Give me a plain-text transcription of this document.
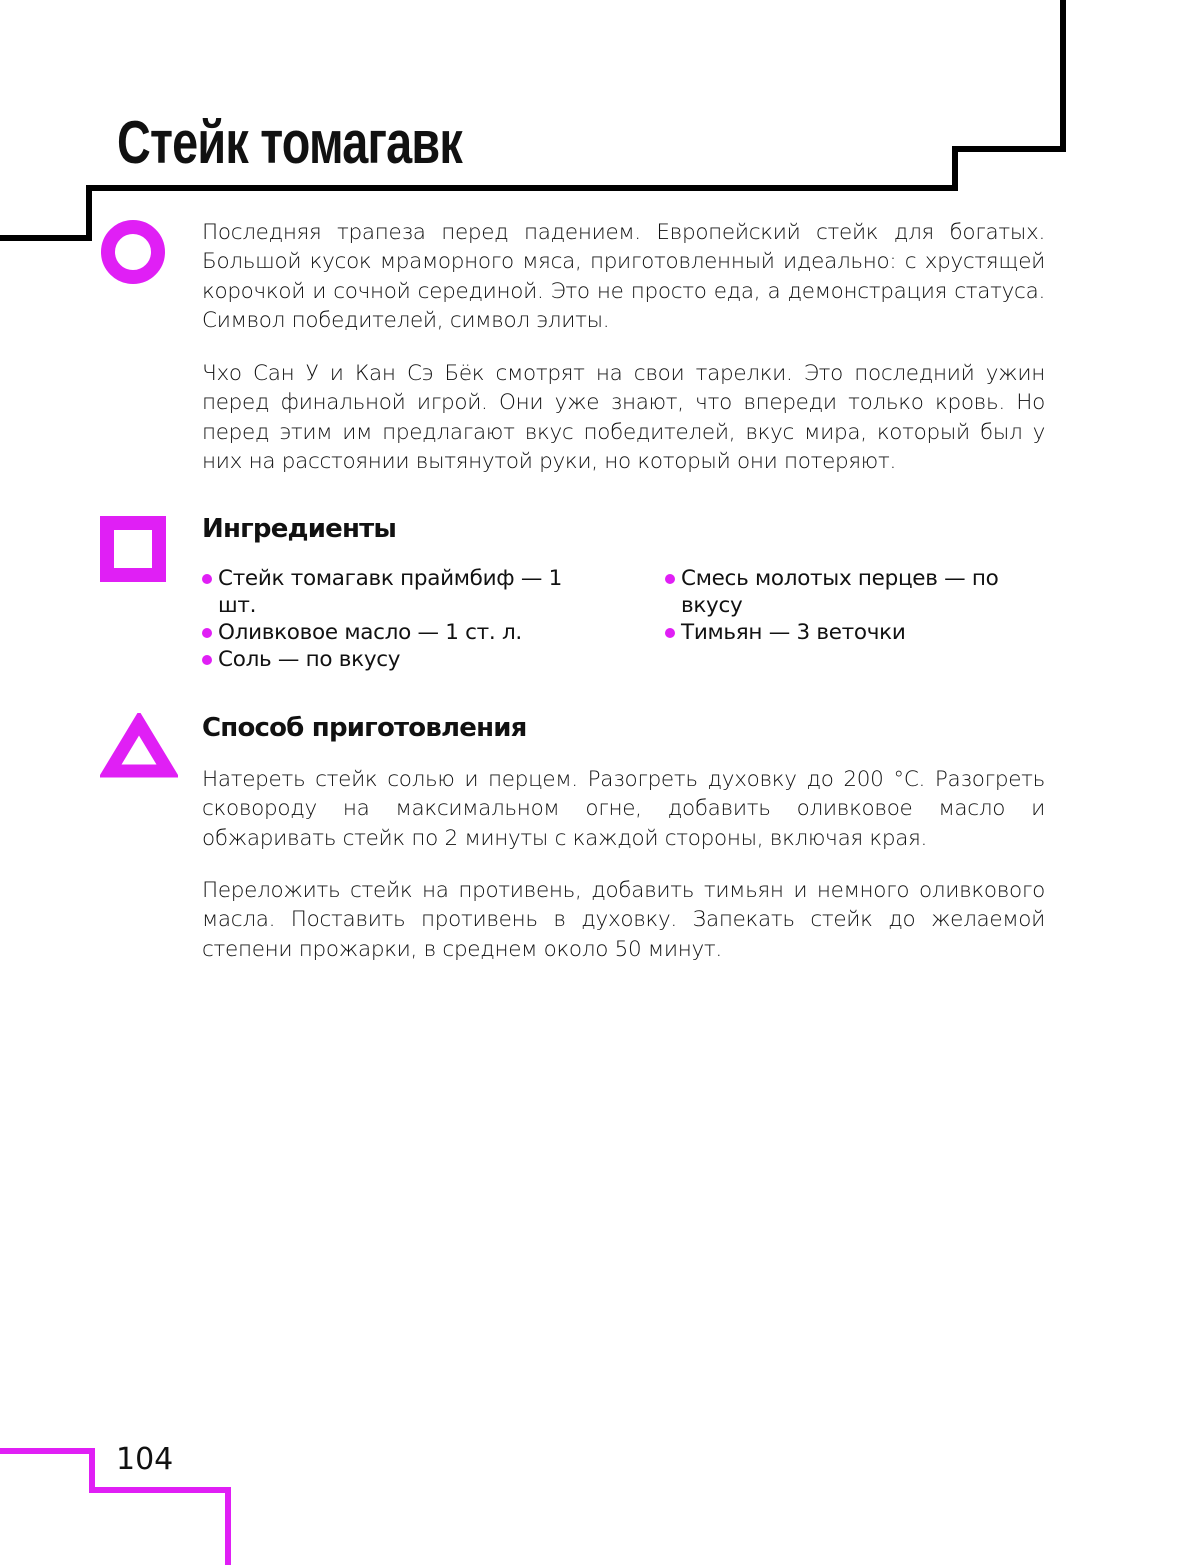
Стейк томагавк

Последняя трапеза перед падением. Европейский стейк для богатых. Большой кусок мраморного мяса, приготовленный идеально: с хрустящей корочкой и сочной серединой. Это не просто еда, а демонстрация статуса. Символ победителей, символ элиты.

Чхо Сан У и Кан Сэ Бёк смотрят на свои тарелки. Это последний ужин перед финальной игрой. Они уже знают, что впереди только кровь. Но перед этим им предлагают вкус победителей, вкус мира, который был у них на расстоянии вытянутой руки, но который они потеряют.

Ингредиенты
Стейк томагавк праймбиф — 1 шт.
Оливковое масло — 1 ст. л.
Соль — по вкусу
Смесь молотых перцев — по вкусу
Тимьян — 3 веточки
Способ приготовления

Натереть стейк солью и перцем. Разогреть духовку до 200 °C. Разогреть сковороду на максимальном огне, добавить оливковое масло и обжаривать стейк по 2 минуты с каждой стороны, включая края.

Переложить стейк на противень, добавить тимьян и немного оливкового масла. Поставить противень в духовку. Запекать стейк до желаемой степени прожарки, в среднем около 50 минут.

104
